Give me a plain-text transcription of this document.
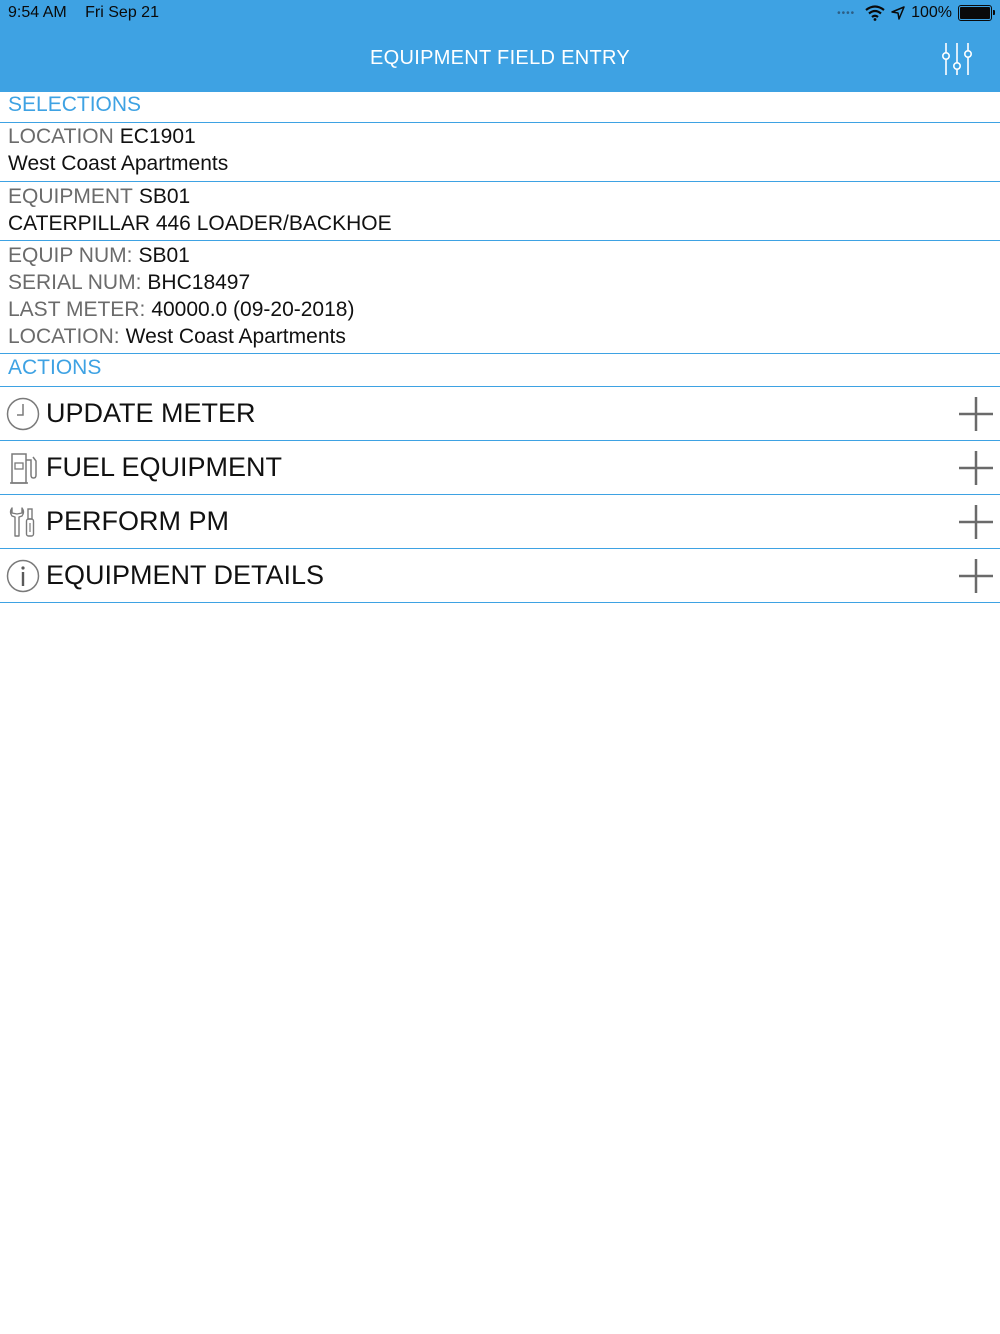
9:54 AM Fri Sep 21	••••	100%
EQUIPMENT FIELD ENTRY
SELECTIONS
LOCATION EC1901
West Coast Apartments
EQUIPMENT SB01
CATERPILLAR 446 LOADER/BACKHOE
EQUIP NUM: SB01
SERIAL NUM: BHC18497
LAST METER: 40000.0 (09-20-2018)
LOCATION: West Coast Apartments
ACTIONS
UPDATE METER
FUEL EQUIPMENT
PERFORM PM
EQUIPMENT DETAILS
